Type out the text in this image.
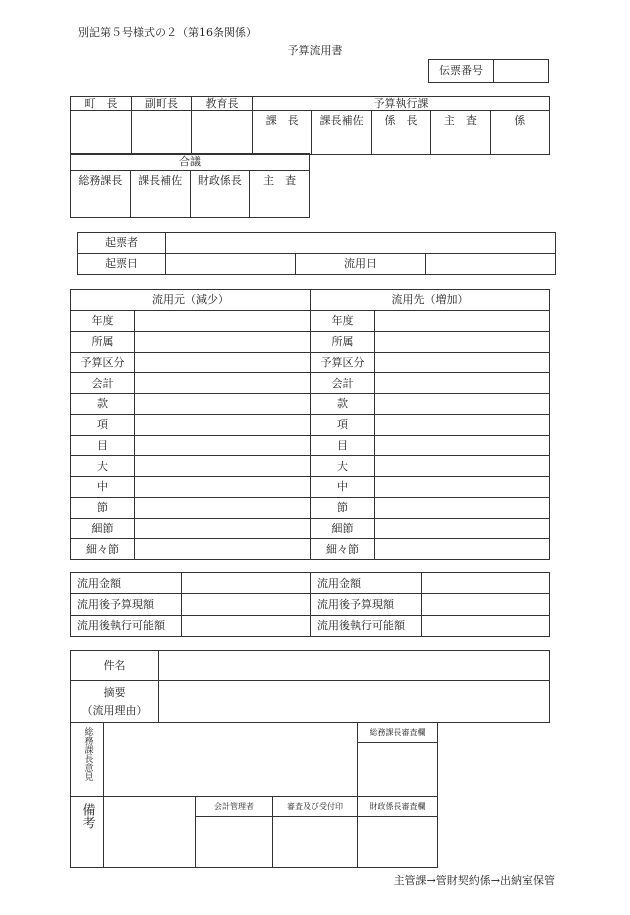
別記第５号様式の２（第16条関係）
予算流用書
伝票番号	
町　長	副町長	教育長	予算執行課				
			課　長	課長補佐	係　長	主　査	係
合議
総務課長	課長補佐	財政係長	主　査
起票者			
起票日		流用日	
流用元（減少）		流用先（増加）	
年度		年度	
所属		所属	
予算区分		予算区分	
会計		会計	
款		款	
項		項	
目		目	
大		大	
中		中	
節		節	
細節		細節	
細々節		細々節	
流用金額		流用金額	
流用後予算現額		流用後予算現額	
流用後執行可能額		流用後執行可能額	
件名	

摘要
（流用理由）	

総務課長意見				総務課長審査欄

備考		会計管理者	審査及び受付印	財政係長審査欄

主管課→管財契約係→出納室保管
